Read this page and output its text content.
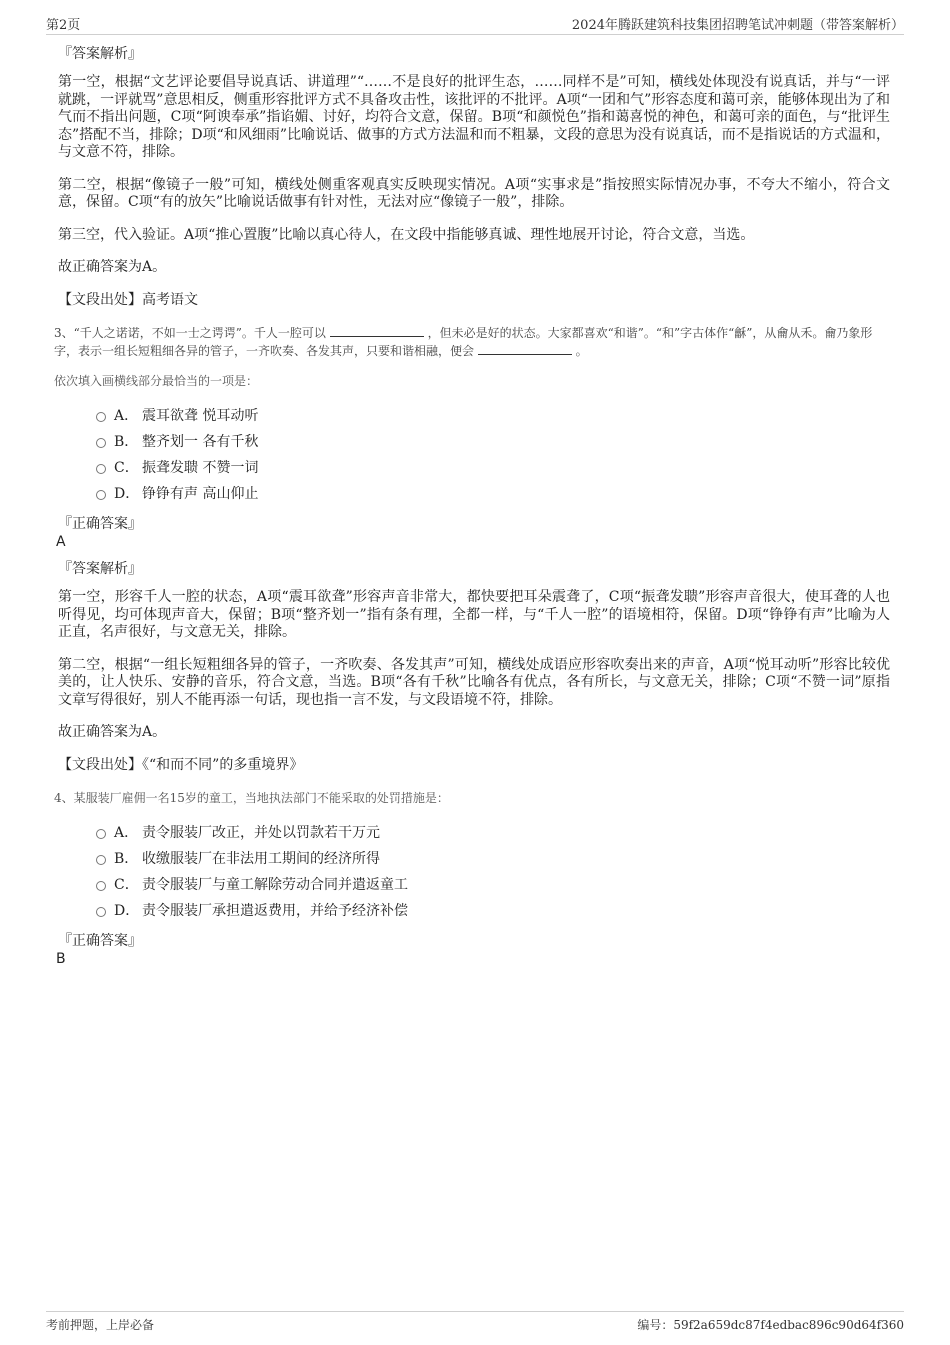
第2页	2024年腾跃建筑科技集团招聘笔试冲刺题（带答案解析）
『答案解析』

第一空，根据“文艺评论要倡导说真话、讲道理”“……不是良好的批评生态，……同样不是”可知，横线处体现没有说真话，并与“一评就跳，一评就骂”意思相反，侧重形容批评方式不具备攻击性，该批评的不批评。A项“一团和气”形容态度和蔼可亲，能够体现出为了和气而不指出问题，C项“阿谀奉承”指谄媚、讨好，均符合文意，保留。B项“和颜悦色”指和蔼喜悦的神色，和蔼可亲的面色，与“批评生态”搭配不当，排除；D项“和风细雨”比喻说话、做事的方式方法温和而不粗暴，文段的意思为没有说真话，而不是指说话的方式温和，与文意不符，排除。

第二空，根据“像镜子一般”可知，横线处侧重客观真实反映现实情况。A项“实事求是”指按照实际情况办事，不夸大不缩小，符合文意，保留。C项“有的放矢”比喻说话做事有针对性，无法对应“像镜子一般”，排除。

第三空，代入验证。A项“推心置腹”比喻以真心待人，在文段中指能够真诚、理性地展开讨论，符合文意，当选。

故正确答案为A。

【文段出处】高考语文

3、“千人之诺诺，不如一士之谔谔”。千人一腔可以	，但未必是好的状态。大家都喜欢“和谐”。“和”字古体作“龢”，从龠从禾。龠乃象形字，表示一组长短粗细各异的管子，一齐吹奏、各发其声，只要和谐相融，便会	。

依次填入画横线部分最恰当的一项是：

A． 震耳欲聋 悦耳动听
B． 整齐划一 各有千秋
C． 振聋发聩 不赞一词
D． 铮铮有声 高山仰止
『正确答案』
A
『答案解析』

第一空，形容千人一腔的状态，A项“震耳欲聋”形容声音非常大，都快要把耳朵震聋了，C项“振聋发聩”形容声音很大，使耳聋的人也听得见，均可体现声音大，保留；B项“整齐划一”指有条有理，全都一样，与“千人一腔”的语境相符，保留。D项“铮铮有声”比喻为人正直，名声很好，与文意无关，排除。

第二空，根据“一组长短粗细各异的管子，一齐吹奏、各发其声”可知，横线处成语应形容吹奏出来的声音，A项“悦耳动听”形容比较优美的，让人快乐、安静的音乐，符合文意，当选。B项“各有千秋”比喻各有优点，各有所长，与文意无关，排除；C项“不赞一词”原指文章写得很好，别人不能再添一句话，现也指一言不发，与文段语境不符，排除。

故正确答案为A。

【文段出处】《“和而不同”的多重境界》

4、某服装厂雇佣一名15岁的童工，当地执法部门不能采取的处罚措施是：

A． 责令服装厂改正，并处以罚款若干万元
B． 收缴服装厂在非法用工期间的经济所得
C． 责令服装厂与童工解除劳动合同并遣返童工
D． 责令服装厂承担遣返费用，并给予经济补偿
『正确答案』
B
考前押题，上岸必备	编号：59f2a659dc87f4edbac896c90d64f360
